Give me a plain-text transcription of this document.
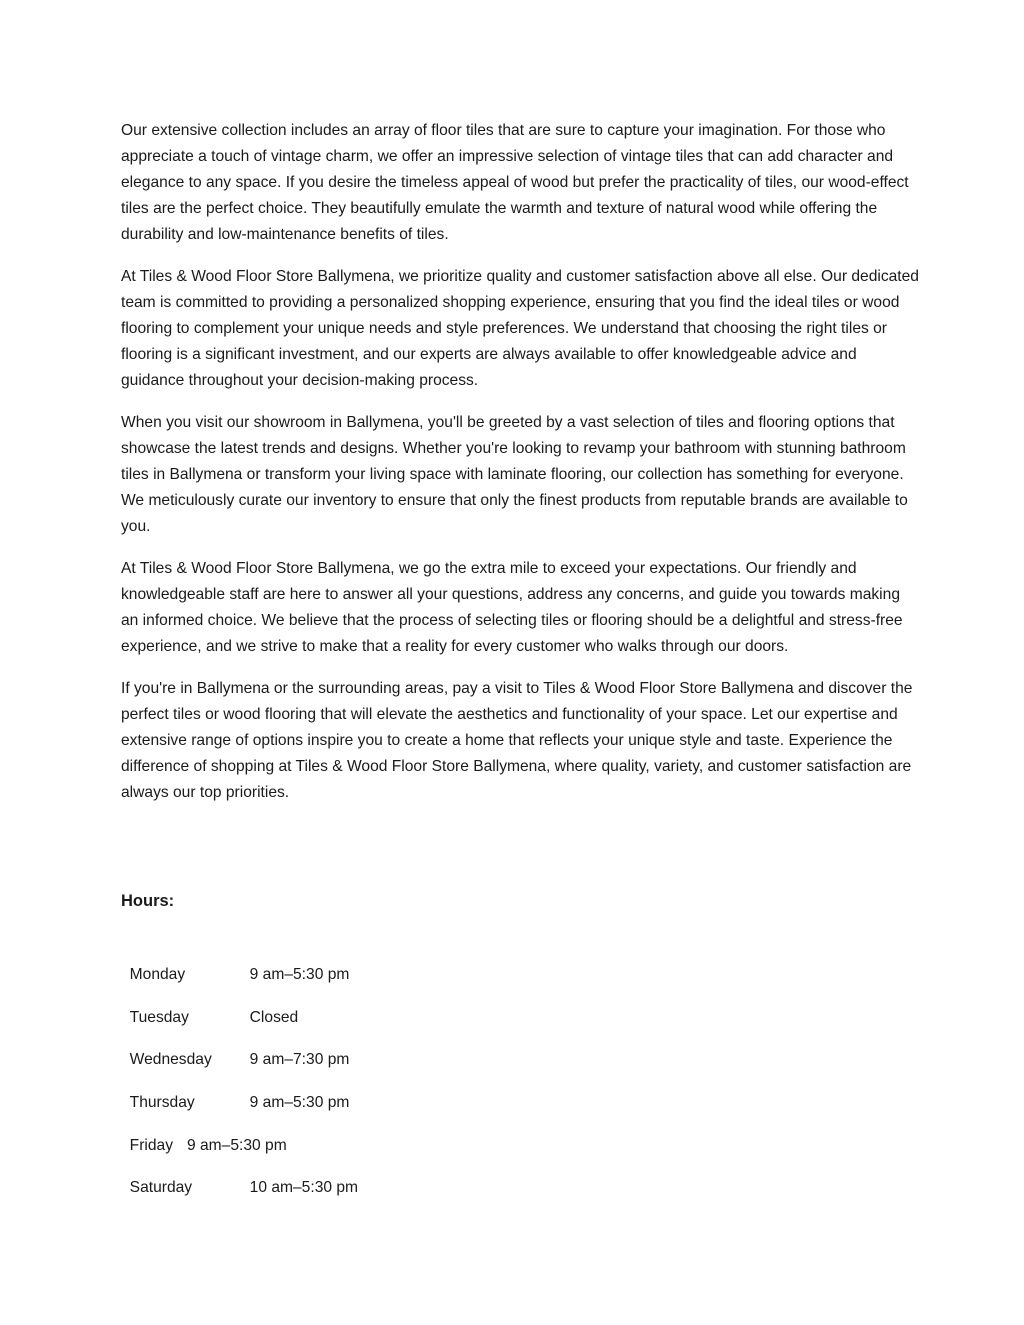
Our extensive collection includes an array of floor tiles that are sure to capture your imagination. For those who appreciate a touch of vintage charm, we offer an impressive selection of vintage tiles that can add character and elegance to any space. If you desire the timeless appeal of wood but prefer the practicality of tiles, our wood-effect tiles are the perfect choice. They beautifully emulate the warmth and texture of natural wood while offering the durability and low-maintenance benefits of tiles.

At Tiles & Wood Floor Store Ballymena, we prioritize quality and customer satisfaction above all else. Our dedicated team is committed to providing a personalized shopping experience, ensuring that you find the ideal tiles or wood flooring to complement your unique needs and style preferences. We understand that choosing the right tiles or flooring is a significant investment, and our experts are always available to offer knowledgeable advice and guidance throughout your decision-making process.

When you visit our showroom in Ballymena, you'll be greeted by a vast selection of tiles and flooring options that showcase the latest trends and designs. Whether you're looking to revamp your bathroom with stunning bathroom tiles in Ballymena or transform your living space with laminate flooring, our collection has something for everyone. We meticulously curate our inventory to ensure that only the finest products from reputable brands are available to you.

At Tiles & Wood Floor Store Ballymena, we go the extra mile to exceed your expectations. Our friendly and knowledgeable staff are here to answer all your questions, address any concerns, and guide you towards making an informed choice. We believe that the process of selecting tiles or flooring should be a delightful and stress-free experience, and we strive to make that a reality for every customer who walks through our doors.

If you're in Ballymena or the surrounding areas, pay a visit to Tiles & Wood Floor Store Ballymena and discover the perfect tiles or wood flooring that will elevate the aesthetics and functionality of your space. Let our expertise and extensive range of options inspire you to create a home that reflects your unique style and taste. Experience the difference of shopping at Tiles & Wood Floor Store Ballymena, where quality, variety, and customer satisfaction are always our top priorities.

Hours:

Monday	9 am–5:30 pm

Tuesday	Closed

Wednesday 9 am–7:30 pm

Thursday	9 am–5:30 pm

Friday 9 am–5:30 pm

Saturday	10 am–5:30 pm
